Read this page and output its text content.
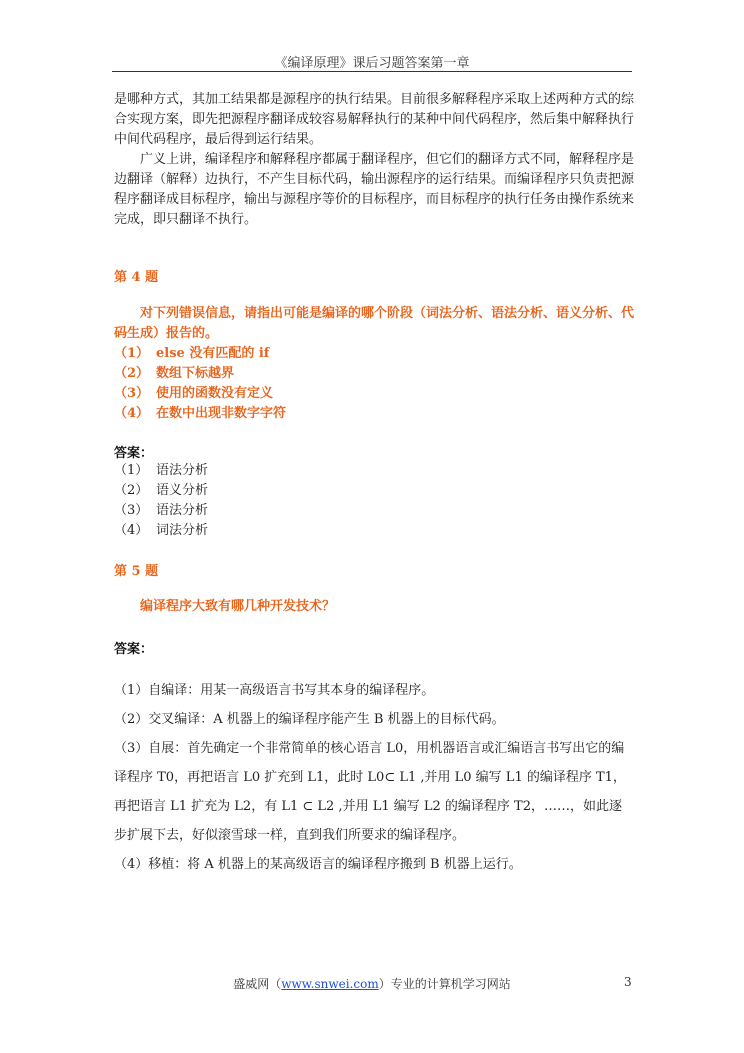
《编译原理》课后习题答案第一章

是哪种方式，其加工结果都是源程序的执行结果。目前很多解释程序采取上述两种方式的综合实现方案，即先把源程序翻译成较容易解释执行的某种中间代码程序，然后集中解释执行中间代码程序，最后得到运行结果。

广义上讲，编译程序和解释程序都属于翻译程序，但它们的翻译方式不同，解释程序是边翻译（解释）边执行，不产生目标代码，输出源程序的运行结果。而编译程序只负责把源程序翻译成目标程序，输出与源程序等价的目标程序，而目标程序的执行任务由操作系统来完成，即只翻译不执行。

第 4 题
对下列错误信息，请指出可能是编译的哪个阶段（词法分析、语法分析、语义分析、代码生成）报告的。
（1） else 没有匹配的 if
（2） 数组下标越界
（3） 使用的函数没有定义
（4） 在数中出现非数字字符
答案：
（1） 语法分析
（2） 语义分析
（3） 语法分析
（4） 词法分析
第 5 题
编译程序大致有哪几种开发技术？
答案：

（1）自编译：用某一高级语言书写其本身的编译程序。

（2）交叉编译：A 机器上的编译程序能产生 B 机器上的目标代码。

（3）自展：首先确定一个非常简单的核心语言 L0，用机器语言或汇编语言书写出它的编译程序 T0，再把语言 L0 扩充到 L1，此时 L0⊂ L1 ,并用 L0 编写 L1 的编译程序 T1，再把语言 L1 扩充为 L2，有 L1 ⊂ L2 ,并用 L1 编写 L2 的编译程序 T2，……，如此逐步扩展下去，好似滚雪球一样，直到我们所要求的编译程序。

（4）移植：将 A 机器上的某高级语言的编译程序搬到 B 机器上运行。

盛威网（www.snwei.com）专业的计算机学习网站	3
